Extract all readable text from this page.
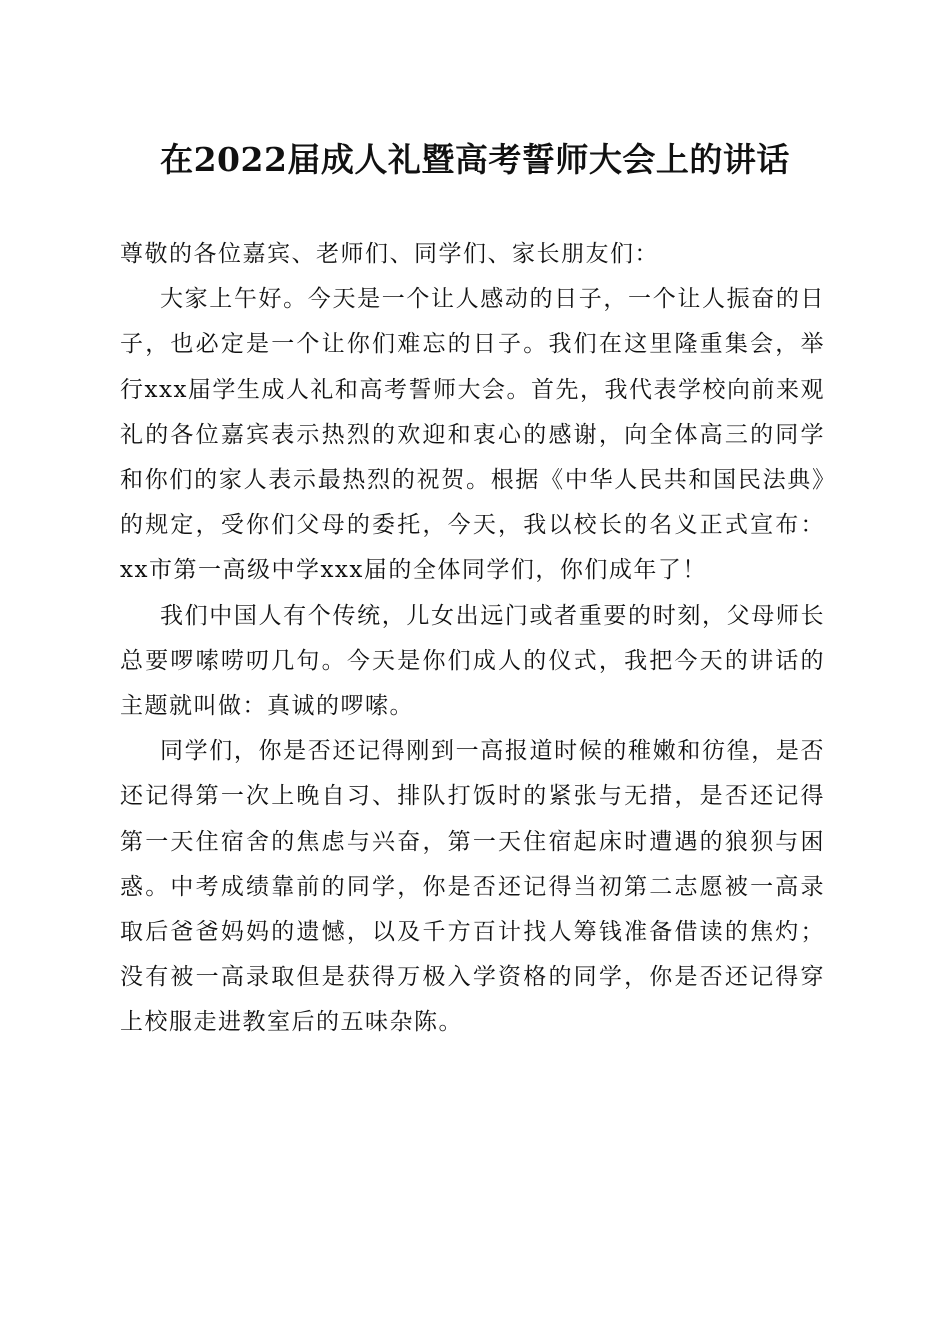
在2022届成人礼暨高考誓师大会上的讲话

尊敬的各位嘉宾、老师们、同学们、家长朋友们：

大家上午好。今天是一个让人感动的日子，一个让人振奋的日子，也必定是一个让你们难忘的日子。我们在这里隆重集会，举行xxx届学生成人礼和高考誓师大会。首先，我代表学校向前来观礼的各位嘉宾表示热烈的欢迎和衷心的感谢，向全体高三的同学和你们的家人表示最热烈的祝贺。根据《中华人民共和国民法典》的规定，受你们父母的委托，今天，我以校长的名义正式宣布：xx市第一高级中学xxx届的全体同学们，你们成年了！

我们中国人有个传统，儿女出远门或者重要的时刻，父母师长总要啰嗦唠叨几句。今天是你们成人的仪式，我把今天的讲话的主题就叫做：真诚的啰嗦。

同学们，你是否还记得刚到一高报道时候的稚嫩和彷徨，是否还记得第一次上晚自习、排队打饭时的紧张与无措，是否还记得第一天住宿舍的焦虑与兴奋，第一天住宿起床时遭遇的狼狈与困惑。中考成绩靠前的同学，你是否还记得当初第二志愿被一高录取后爸爸妈妈的遗憾，以及千方百计找人筹钱准备借读的焦灼；没有被一高录取但是获得万极入学资格的同学，你是否还记得穿上校服走进教室后的五味杂陈。
